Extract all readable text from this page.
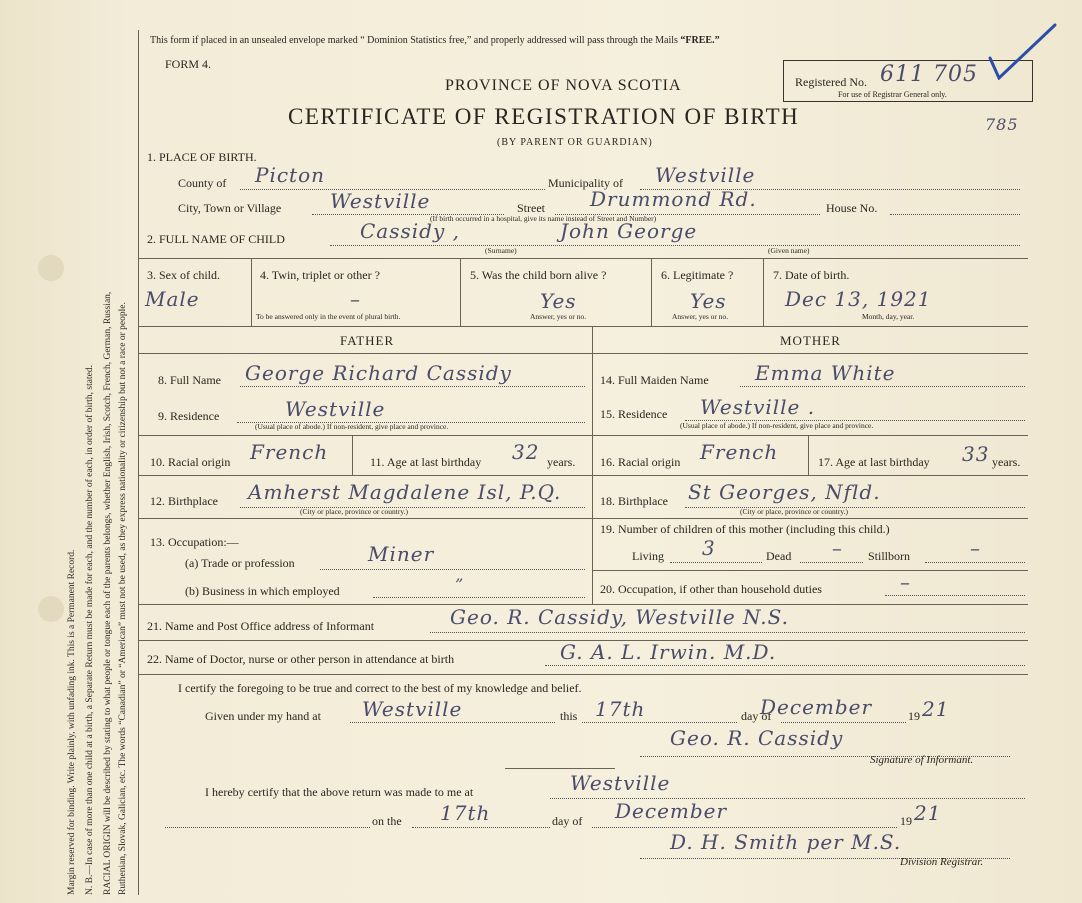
Margin reserved for binding. Write plainly, with unfading ink. This is a Permanent Record. N. B.—In case of more than one child at a birth, a Separate Return must be made for each, and the number of each, in order of birth, stated. RACIAL ORIGIN will be described by stating to what people or tongue each of the parents belongs, whether English, Irish, Scotch, French, German, Russian, Ruthenian, Slovak, Galician, etc. The words “Canadian” or “American” must not be used, as they express nationality or citizenship but not a race or people.
This form if placed in an unsealed envelope marked “ Dominion Statistics free,” and properly addressed will pass through the Mails “FREE.”
FORM 4.
PROVINCE OF NOVA SCOTIA
CERTIFICATE OF REGISTRATION OF BIRTH
(BY PARENT OR GUARDIAN)
Registered No. 611 705
For use of Registrar General only.
785
1. PLACE OF BIRTH.
County of Picton	Municipality of Westville
City, Town or Village Westville	Street Drummond Rd.	House No.
(If birth occurred in a hospital, give its name instead of Street and Number)
2. FULL NAME OF CHILD	Cassidy ,	John George
(Surname)	(Given name)
3. Sex of child.
Male
4. Twin, triplet or other ?
–
To be answered only in the event of plural birth.
5. Was the child born alive ?
Yes
Answer, yes or no.
6. Legitimate ?
Yes
Answer, yes or no.
7. Date of birth.
Dec 13, 1921
Month, day, year.
FATHER	MOTHER
8. Full Name George Richard Cassidy
9. Residence	Westville
(Usual place of abode.) If non-resident, give place and province.
10. Racial origin French	11. Age at last birthday 32 years.
12. Birthplace Amherst Magdalene Isl, P.Q.
(City or place, province or country.)
13. Occupation:—
(a) Trade or profession	Miner
(b) Business in which employed	”
14. Full Maiden Name Emma White
15. Residence Westville .
(Usual place of abode.) If non-resident, give place and province.
16. Racial origin French	17. Age at last birthday 33 years.
18. Birthplace St Georges, Nfld.
(City or place, province or country.)
19. Number of children of this mother (including this child.)
Living 3	Dead – Stillborn	–
20. Occupation, if other than household duties	–
21. Name and Post Office address of Informant	Geo. R. Cassidy, Westville N.S.
22. Name of Doctor, nurse or other person in attendance at birth	G. A. L. Irwin. M.D.
I certify the foregoing to be true and correct to the best of my knowledge and belief.
Given under my hand at Westville	this 17th	day of
December	19 21
Geo. R. Cassidy
Signature of Informant.
I hereby certify that the above return was made to me at	Westville
on the 17th	day of December	19 21
D. H. Smith per M.S.
Division Registrar.
